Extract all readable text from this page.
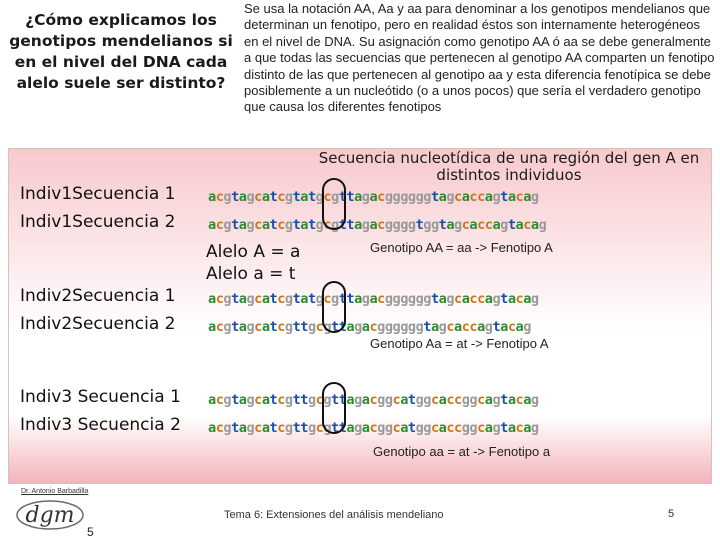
¿Cómo explicamos los genotipos mendelianos si en el nivel del DNA cada alelo suele ser distinto?
Se usa la notación AA, Aa y aa para denominar a los genotipos mendelianos que determinan un fenotipo, pero en realidad éstos son internamente heterogéneos en el nivel de DNA. Su asignación como genotipo AA ó aa se debe generalmente a que todas las secuencias que pertenecen al genotipo AA comparten un fenotipo distinto de las que pertenecen al genotipo aa y esta diferencia fenotípica se debe posiblemente a un nucleótido (o a unos pocos) que sería el verdadero genotipo que causa los diferentes fenotipos
Secuencia nucleotídica de una región del gen A en distintos individuos
Indiv1Secuencia 1
Indiv1Secuencia 2
Indiv2Secuencia 1
Indiv2Secuencia 2
Indiv3 Secuencia 1
Indiv3 Secuencia 2
acgtagcatcgtatgcgttagacggggggtagcaccagtacag
acgtagcatcgtatgcgttagacggggtggtagcaccagtacag
acgtagcatcgtatgcgttagacggggggtagcaccagtacag
acgtagcatcgttgcgttagacggggggtagcaccagtacag
acgtagcatcgttgcgttagacggcatggcaccggcagtacag
acgtagcatcgttgcgttagacggcatggcaccggcagtacag
Alelo A = a
Alelo a = t
Genotipo AA = aa -> Fenotipo A
Genotipo Aa = at -> Fenotipo A
Genotipo aa = at -> Fenotipo a
Dr. Antonio Barbadilla
dgm
5
Tema 6: Extensiones del análisis mendeliano	5
